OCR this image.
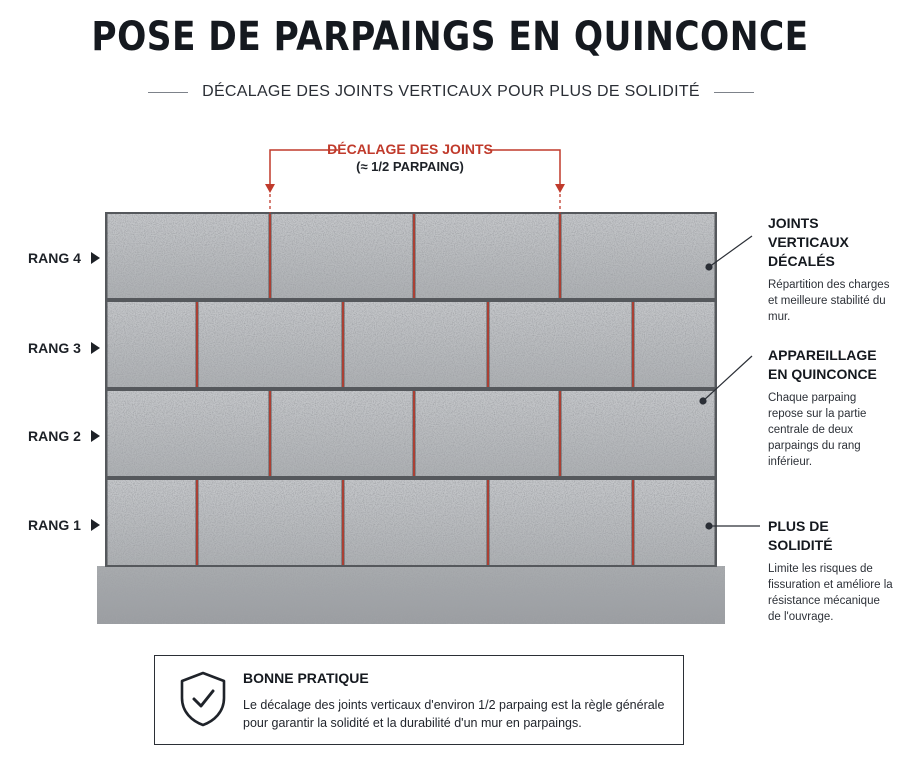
POSE DE PARPAINGS EN QUINCONCE
DÉCALAGE DES JOINTS VERTICAUX POUR PLUS DE SOLIDITÉ
RANG 4
RANG 3
RANG 2
RANG 1
DÉCALAGE DES JOINTS
(≈ 1/2 PARPAING)
JOINTS VERTICAUX DÉCALÉS
Répartition des charges et meilleure stabilité du mur.
APPAREILLAGE EN QUINCONCE
Chaque parpaing repose sur la partie centrale de deux parpaings du rang inférieur.
PLUS DE SOLIDITÉ
Limite les risques de fissuration et améliore la résistance mécanique de l'ouvrage.
BONNE PRATIQUE
Le décalage des joints verticaux d'environ 1/2 parpaing est la règle générale pour garantir la solidité et la durabilité d'un mur en parpaings.
